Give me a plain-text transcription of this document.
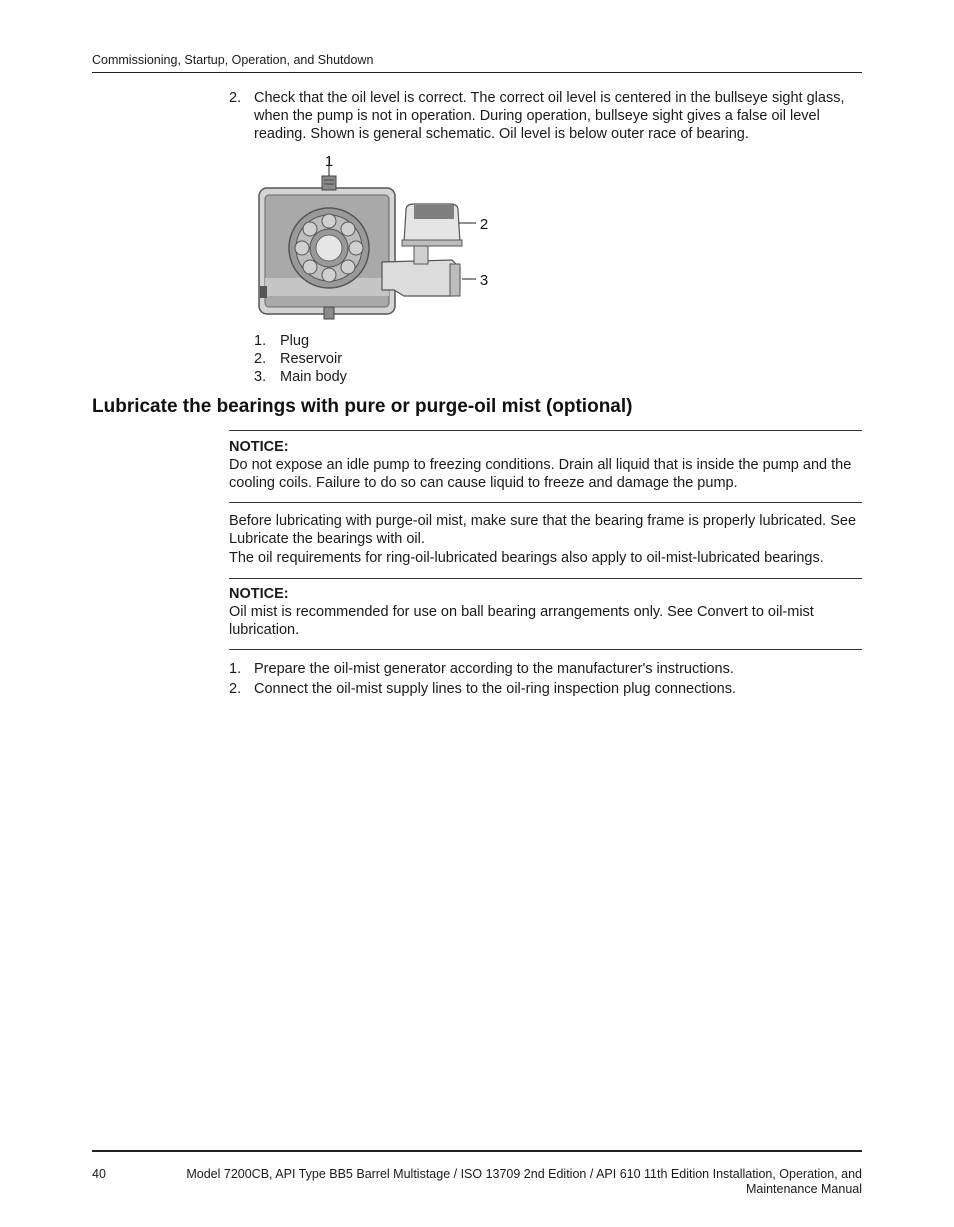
Commissioning, Startup, Operation, and Shutdown
2. Check that the oil level is correct. The correct oil level is centered in the bullseye sight glass, when the pump is not in operation. During operation, bullseye sight gives a false oil level reading. Shown is general schematic. Oil level is below outer race of bearing.
1
2
3
1. Plug
2. Reservoir
3. Main body
Lubricate the bearings with pure or purge-oil mist (optional)
NOTICE:
Do not expose an idle pump to freezing conditions. Drain all liquid that is inside the pump and the cooling coils. Failure to do so can cause liquid to freeze and damage the pump.
Before lubricating with purge-oil mist, make sure that the bearing frame is properly lubricated. See Lubricate the bearings with oil.
The oil requirements for ring-oil-lubricated bearings also apply to oil-mist-lubricated bearings.
NOTICE:
Oil mist is recommended for use on ball bearing arrangements only. See Convert to oil-mist lubrication.
1. Prepare the oil-mist generator according to the manufacturer's instructions.
2. Connect the oil-mist supply lines to the oil-ring inspection plug connections.
40	Model 7200CB, API Type BB5 Barrel Multistage / ISO 13709 2nd Edition / API 610 11th Edition Installation, Operation, and Maintenance Manual
